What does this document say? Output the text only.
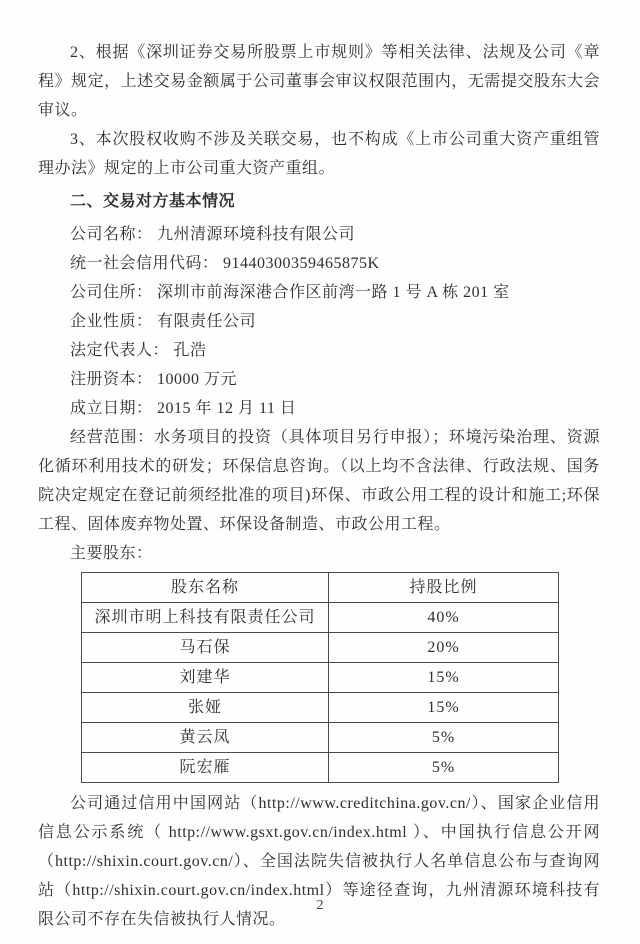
2、根据《深圳证券交易所股票上市规则》等相关法律、法规及公司《章程》规定，上述交易金额属于公司董事会审议权限范围内，无需提交股东大会审议。

3、本次股权收购不涉及关联交易，也不构成《上市公司重大资产重组管理办法》规定的上市公司重大资产重组。

二、交易对方基本情况

公司名称： 九州清源环境科技有限公司

统一社会信用代码： 91440300359465875K

公司住所： 深圳市前海深港合作区前湾一路 1 号 A 栋 201 室

企业性质： 有限责任公司

法定代表人： 孔浩

注册资本： 10000 万元

成立日期： 2015 年 12 月 11 日

经营范围：水务项目的投资（具体项目另行申报）；环境污染治理、资源化循环利用技术的研发；环保信息咨询。（以上均不含法律、行政法规、国务院决定规定在登记前须经批准的项目)环保、市政公用工程的设计和施工;环保工程、固体废弃物处置、环保设备制造、市政公用工程。

主要股东：

股东名称	持股比例
深圳市明上科技有限责任公司	40%
马石保	20%
刘建华	15%
张娅	15%
黄云凤	5%
阮宏雁	5%

公司通过信用中国网站（http://www.creditchina.gov.cn/）、国家企业信用信息公示系统（ http://www.gsxt.gov.cn/index.html ）、中国执行信息公开网（http://shixin.court.gov.cn/）、全国法院失信被执行人名单信息公布与查询网站（http://shixin.court.gov.cn/index.html）等途径查询，九州清源环境科技有限公司不存在失信被执行人情况。

2
